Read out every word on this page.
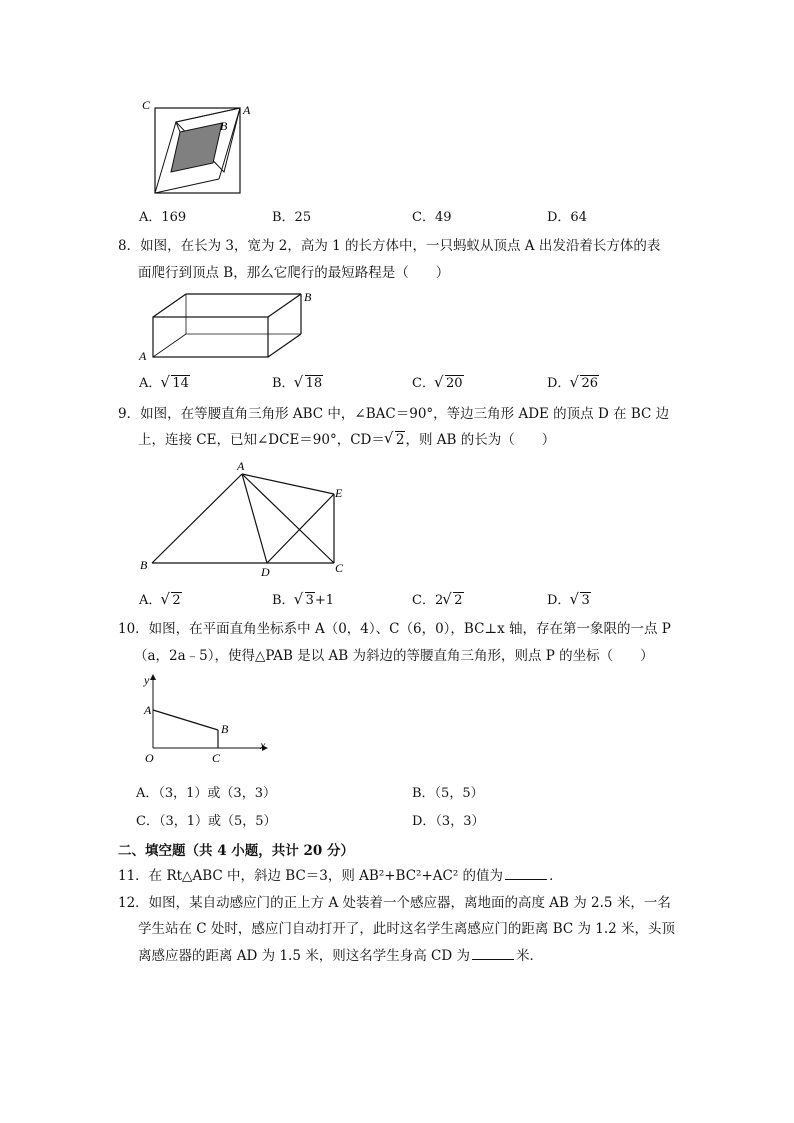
C	A
B
A．169	B．25	C．49	D．64
8．如图，在长为 3，宽为 2，高为 1 的长方体中，一只蚂蚁从顶点 A 出发沿着长方体的表
面爬行到顶点 B，那么它爬行的最短路程是（　　）
A
B
A． √ 14	B． √ 18	C． √ 20	D． √ 26
9．如图，在等腰直角三角形 ABC 中，∠BAC＝90°，等边三角形 ADE 的顶点 D 在 BC 边
上，连接 CE，已知∠DCE＝90°，CD＝ √ 2，则 AB 的长为（　　）
A
B	C
D
E
A． √ 2	B． √ 3+1	C．2 √ 2	D． √ 3
10．如图，在平面直角坐标系中 A（0，4）、C（6，0），BC⊥x 轴，存在第一象限的一点 P
（a，2a﹣5），使得△PAB 是以 AB 为斜边的等腰直角三角形，则点 P 的坐标（　　）
y
x
A
B
O	C
A．（3，1）或（3，3）	B．（5，5）
C．（3，1）或（5，5）	D．（3，3）
二、填空题（共 4 小题，共计 20 分）
11．在 Rt△ABC 中，斜边 BC＝3，则 AB²+BC²+AC² 的值为	．
12．如图，某自动感应门的正上方 A 处装着一个感应器，离地面的高度 AB 为 2.5 米，一名
学生站在 C 处时，感应门自动打开了，此时这名学生离感应门的距离 BC 为 1.2 米，头顶
离感应器的距离 AD 为 1.5 米，则这名学生身高 CD 为	米．
